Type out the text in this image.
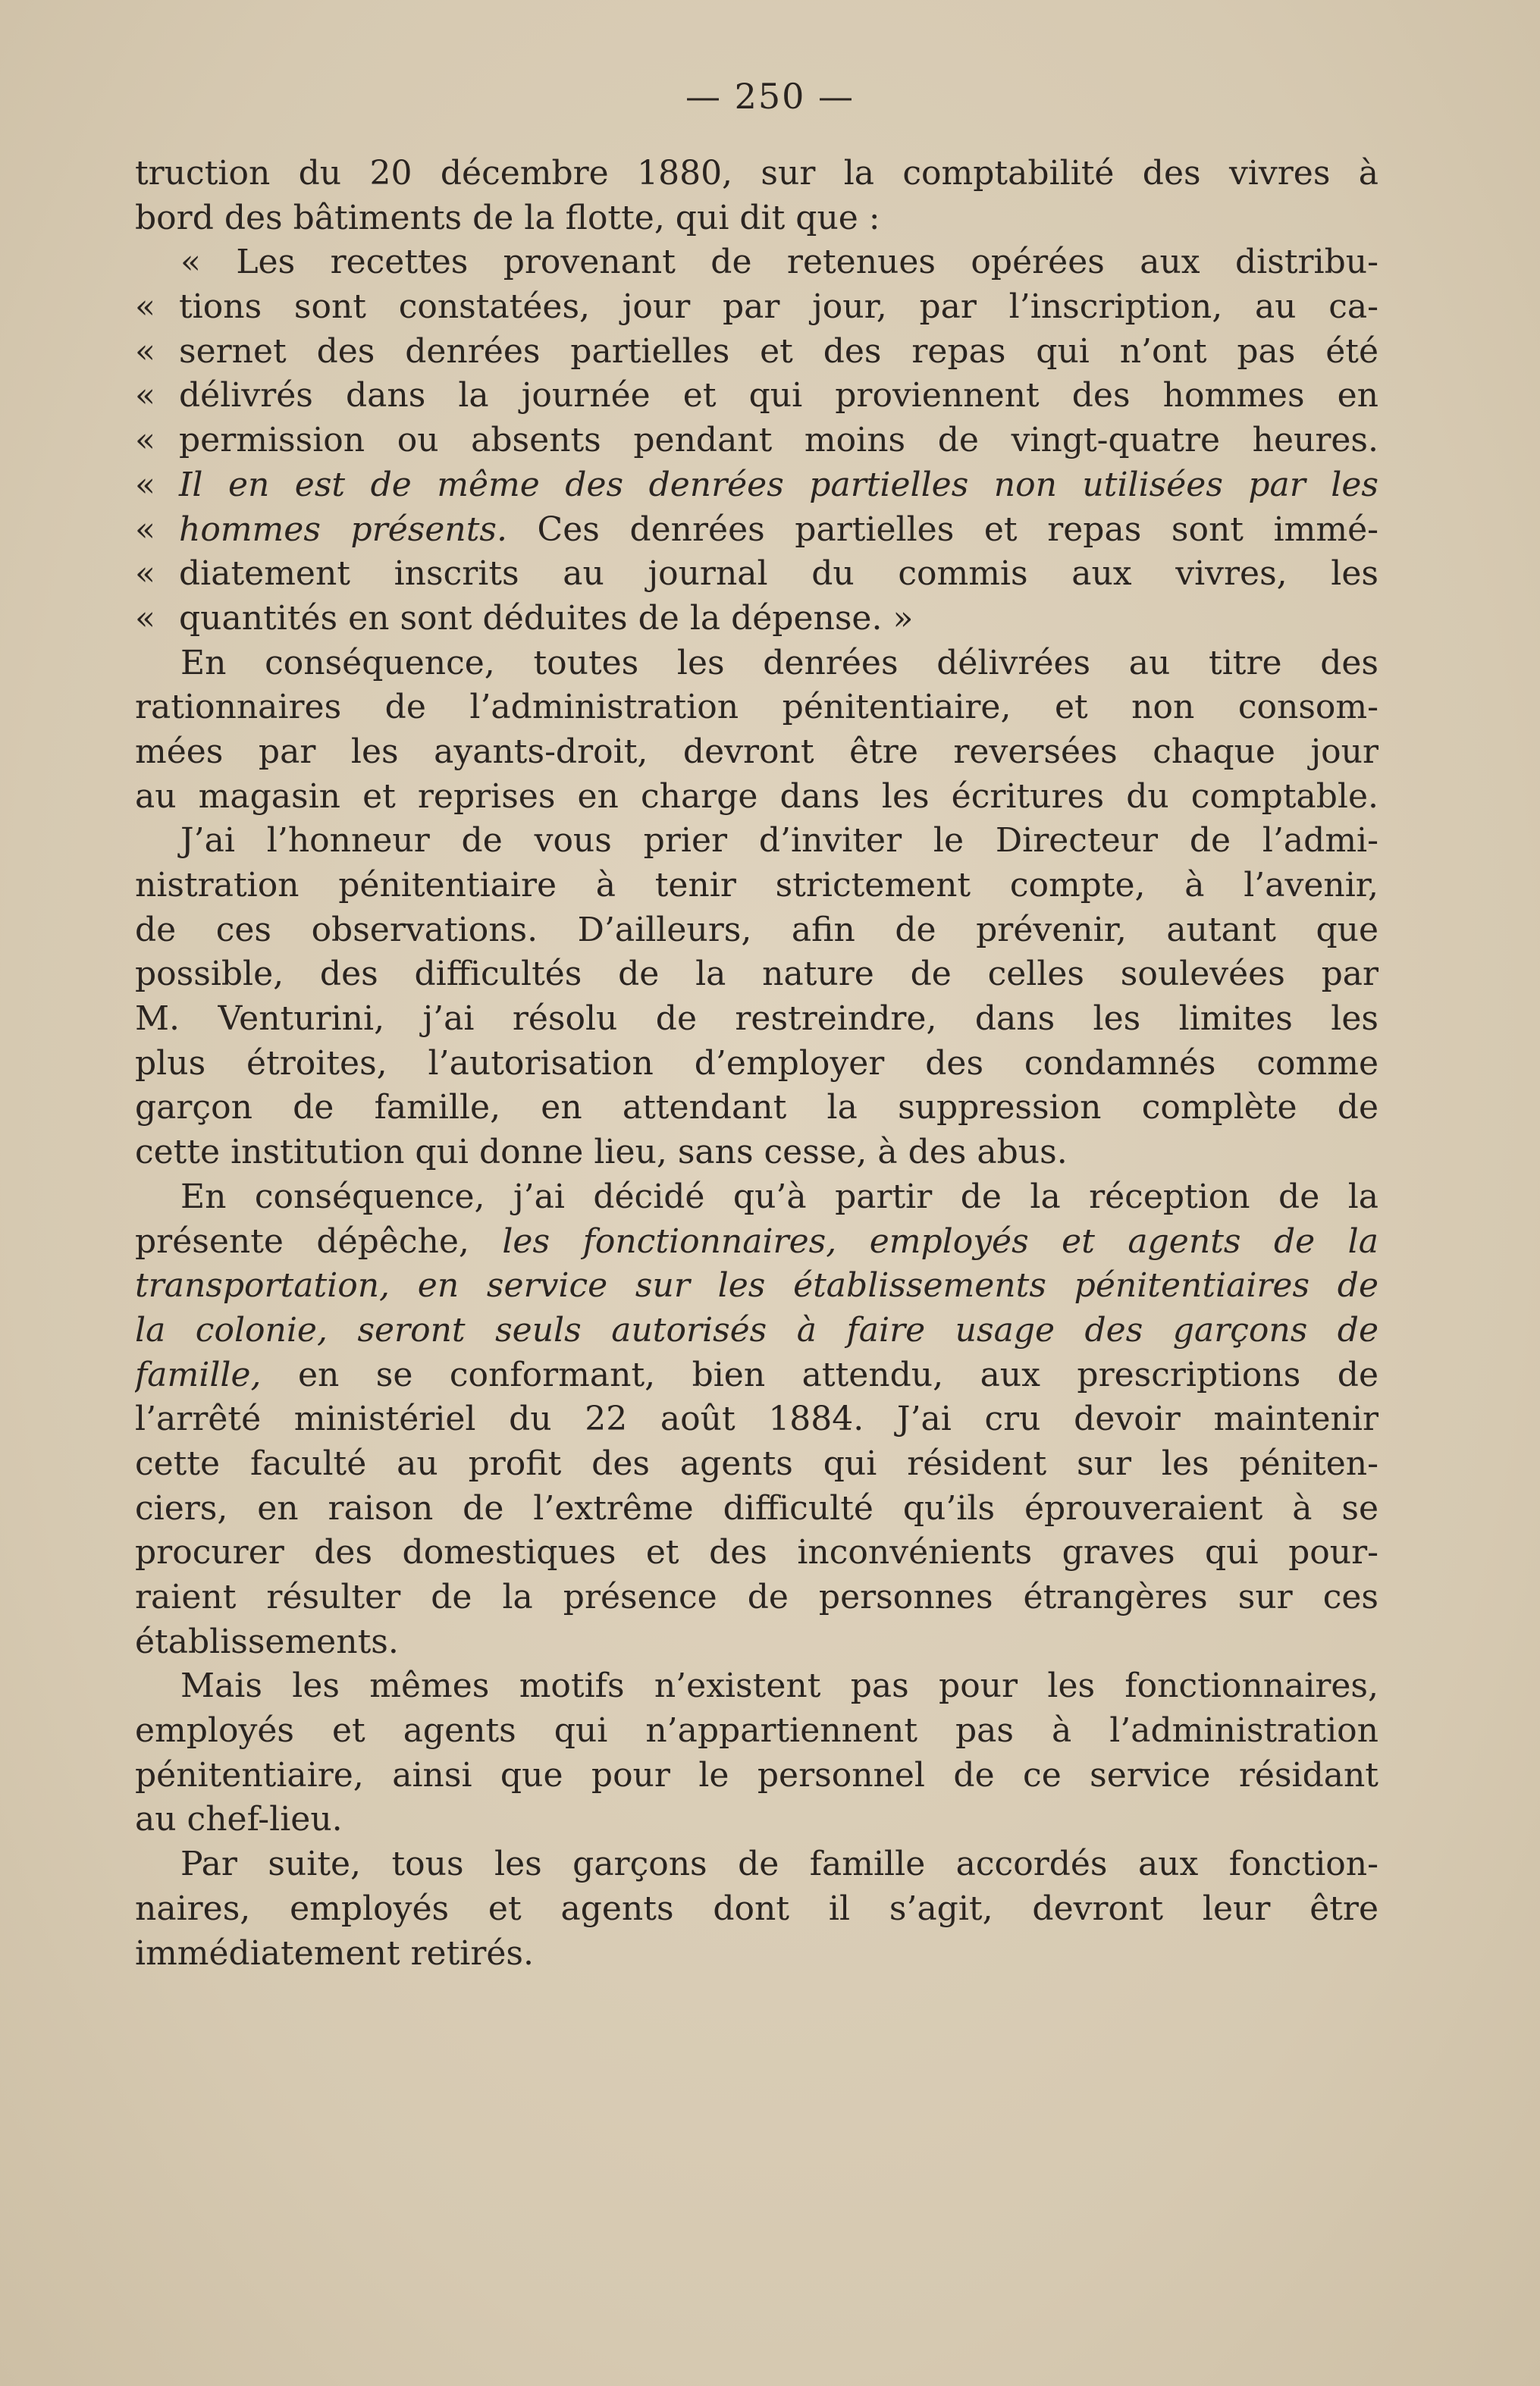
— 250 —
truction du 20 décembre 1880, sur la comptabilité des vivres à
bord des bâtiments de la flotte, qui dit que :
« Les recettes provenant de retenues opérées aux distribu-
« tions sont constatées, jour par jour, par l’inscription, au ca-
« sernet des denrées partielles et des repas qui n’ont pas été
« délivrés dans la journée et qui proviennent des hommes en
« permission ou absents pendant moins de vingt-quatre heures.
« Il en est de même des denrées partielles non utilisées par les
« hommes présents. Ces denrées partielles et repas sont immé-
« diatement inscrits au journal du commis aux vivres, les
« quantités en sont déduites de la dépense. »
En conséquence, toutes les denrées délivrées au titre des
rationnaires de l’administration pénitentiaire, et non consom-
mées par les ayants-droit, devront être reversées chaque jour
au magasin et reprises en charge dans les écritures du comptable.
J’ai l’honneur de vous prier d’inviter le Directeur de l’admi-
nistration pénitentiaire à tenir strictement compte, à l’avenir,
de ces observations. D’ailleurs, afin de prévenir, autant que
possible, des difficultés de la nature de celles soulevées par
M. Venturini, j’ai résolu de restreindre, dans les limites les
plus étroites, l’autorisation d’employer des condamnés comme
garçon de famille, en attendant la suppression complète de
cette institution qui donne lieu, sans cesse, à des abus.
En conséquence, j’ai décidé qu’à partir de la réception de la
présente dépêche, les fonctionnaires, employés et agents de la
transportation, en service sur les établissements pénitentiaires de
la colonie, seront seuls autorisés à faire usage des garçons de
famille, en se conformant, bien attendu, aux prescriptions de
l’arrêté ministériel du 22 août 1884. J’ai cru devoir maintenir
cette faculté au profit des agents qui résident sur les péniten-
ciers, en raison de l’extrême difficulté qu’ils éprouveraient à se
procurer des domestiques et des inconvénients graves qui pour-
raient résulter de la présence de personnes étrangères sur ces
établissements.
Mais les mêmes motifs n’existent pas pour les fonctionnaires,
employés et agents qui n’appartiennent pas à l’administration
pénitentiaire, ainsi que pour le personnel de ce service résidant
au chef-lieu.
Par suite, tous les garçons de famille accordés aux fonction-
naires, employés et agents dont il s’agit, devront leur être
immédiatement retirés.
